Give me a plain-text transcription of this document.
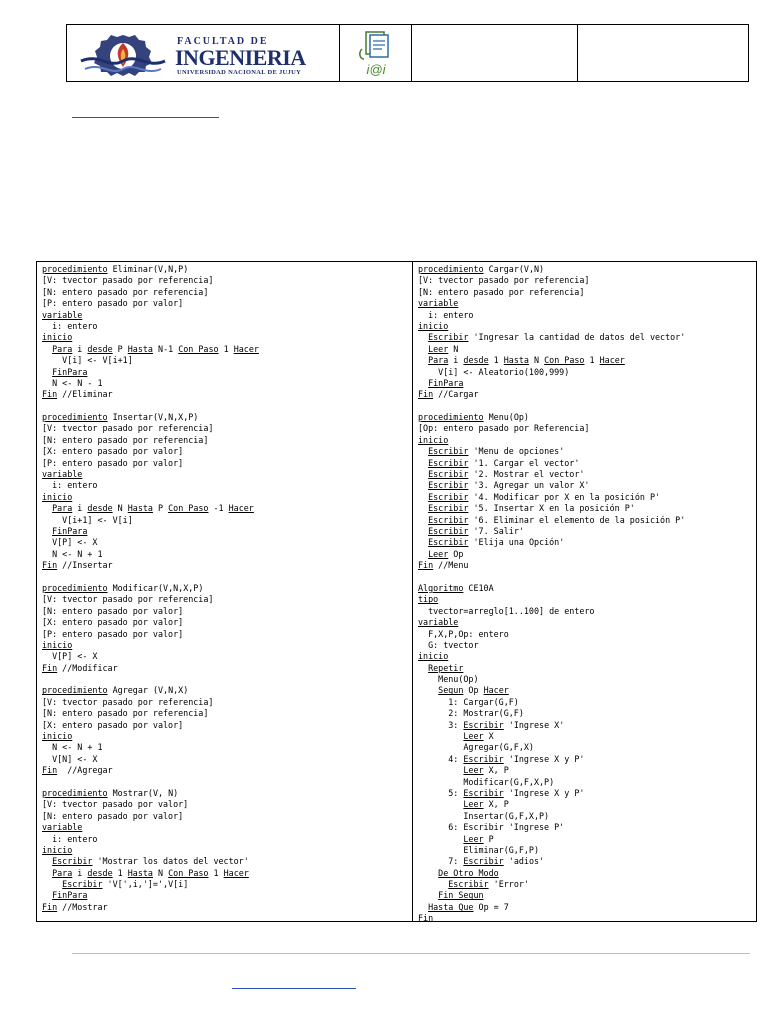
FACULTAD DE
INGENIERIA
UNIVERSIDAD NACIONAL DE JUJUY	i@i
procedimiento Eliminar(V,N,P)
[V: tvector pasado por referencia]
[N: entero pasado por referencia]
[P: entero pasado por valor]
variable
i: entero
inicio
Para i desde P Hasta N-1 Con Paso 1 Hacer
V[i] <- V[i+1]
FinPara
N <- N - 1
Fin //Eliminar
procedimiento Insertar(V,N,X,P)
[V: tvector pasado por referencia]
[N: entero pasado por referencia]
[X: entero pasado por valor]
[P: entero pasado por valor]
variable
i: entero
inicio
Para i desde N Hasta P Con Paso -1 Hacer
V[i+1] <- V[i]
FinPara
V[P] <- X
N <- N + 1
Fin //Insertar
procedimiento Modificar(V,N,X,P)
[V: tvector pasado por referencia]
[N: entero pasado por valor]
[X: entero pasado por valor]
[P: entero pasado por valor]
inicio
V[P] <- X
Fin //Modificar
procedimiento Agregar (V,N,X)
[V: tvector pasado por referencia]
[N: entero pasado por referencia]
[X: entero pasado por valor]
inicio
N <- N + 1
V[N] <- X
Fin  //Agregar
procedimiento Mostrar(V, N)
[V: tvector pasado por valor]
[N: entero pasado por valor]
variable
i: entero
inicio
Escribir 'Mostrar los datos del vector'
Para i desde 1 Hasta N Con Paso 1 Hacer
Escribir 'V[',i,']=',V[i]
FinPara
Fin //Mostrar
procedimiento Cargar(V,N)
[V: tvector pasado por referencia]
[N: entero pasado por referencia]
variable
i: entero
inicio
Escribir 'Ingresar la cantidad de datos del vector'
Leer N
Para i desde 1 Hasta N Con Paso 1 Hacer
V[i] <- Aleatorio(100,999)
FinPara
Fin //Cargar
procedimiento Menu(Op)
[Op: entero pasado por Referencia]
inicio
Escribir 'Menu de opciones'
Escribir '1. Cargar el vector'
Escribir '2. Mostrar el vector'
Escribir '3. Agregar un valor X'
Escribir '4. Modificar por X en la posición P'
Escribir '5. Insertar X en la posición P'
Escribir '6. Eliminar el elemento de la posición P'
Escribir '7. Salir'
Escribir 'Elija una Opción'
Leer Op
Fin //Menu
Algoritmo CE10A
tipo
tvector=arreglo[1..100] de entero
variable
F,X,P,Op: entero
G: tvector
inicio
Repetir
Menu(Op)
Segun Op Hacer
1: Cargar(G,F)
2: Mostrar(G,F)
3: Escribir 'Ingrese X'
Leer X
Agregar(G,F,X)
4: Escribir 'Ingrese X y P'
Leer X, P
Modificar(G,F,X,P)
5: Escribir 'Ingrese X y P'
Leer X, P
Insertar(G,F,X,P)
6: Escribir 'Ingrese P'
Leer P
Eliminar(G,F,P)
7: Escribir 'adios'
De Otro Modo
Escribir 'Error'
Fin Segun
Hasta Que Op = 7
Fin
